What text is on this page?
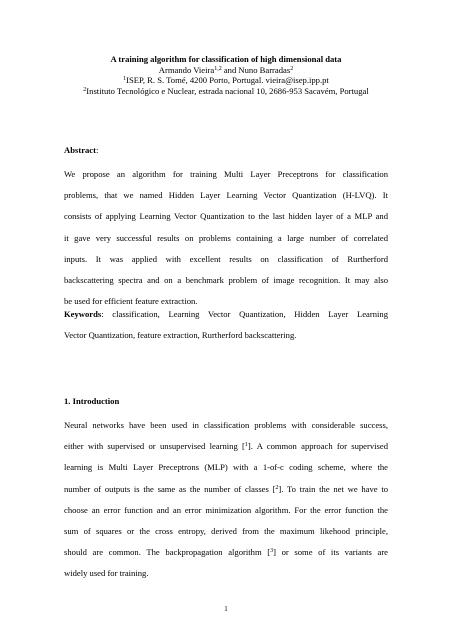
A training algorithm for classification of high dimensional data
Armando Vieira$^{1,2}$ and Nuno Barradas$^2$
$^1$ISEP, R. S. Tomé, 4200 Porto, Portugal. vieira@isep.ipp.pt
$^2$Instituto Tecnológico e Nuclear, estrada nacional 10, 2686-953 Sacavém, Portugal
Abstract:
We propose an algorithm for training Multi Layer Preceptrons for classification
problems, that we named Hidden Layer Learning Vector Quantization (H-LVQ). It
consists of applying Learning Vector Quantization to the last hidden layer of a MLP and
it gave very successful results on problems containing a large number of correlated
inputs. It was applied with excellent results on classification of Rurtherford
backscattering spectra and on a benchmark problem of image recognition. It may also
be used for efficient feature extraction.
Keywords: classification, Learning Vector Quantization, Hidden Layer Learning
Vector Quantization, feature extraction, Rurtherford backscattering.
1. Introduction
Neural networks have been used in classification problems with considerable success,
either with supervised or unsupervised learning [$^1$]. A common approach for supervised
learning is Multi Layer Preceptrons (MLP) with a 1-of-c coding scheme, where the
number of outputs is the same as the number of classes [$^2$]. To train the net we have to
choose an error function and an error minimization algorithm. For the error function the
sum of squares or the cross entropy, derived from the maximum likehood principle,
should are common. The backpropagation algorithm [$^3$] or some of its variants are
widely used for training.
1
